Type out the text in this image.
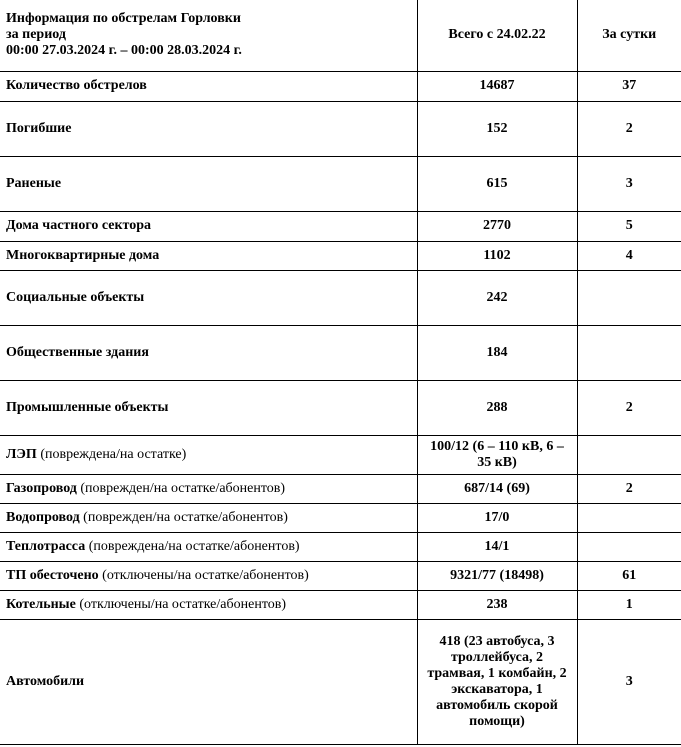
Информация по обстрелам Горловки
за период
00:00 27.03.2024 г. – 00:00 28.03.2024 г.	Всего с 24.02.22	За сутки
Количество обстрелов	14687	37
Погибшие	152	2
Раненые	615	3
Дома частного сектора	2770	5
Многоквартирные дома	1102	4
Социальные объекты	242	
Общественные здания	184	
Промышленные объекты	288	2
ЛЭП (повреждена/на остатке)	100/12 (6 – 110 кВ, 6 – 35 кВ)	
Газопровод (поврежден/на остатке/абонентов)	687/14 (69)	2
Водопровод (поврежден/на остатке/абонентов)	17/0	
Теплотрасса (повреждена/на остатке/абонентов)	14/1	
ТП обесточено (отключены/на остатке/абонентов)	9321/77 (18498)	61
Котельные (отключены/на остатке/абонентов)	238	1
Автомобили	418 (23 автобуса, 3 троллейбуса, 2 трамвая, 1 комбайн, 2 экскаватора, 1 автомобиль скорой помощи)	3
